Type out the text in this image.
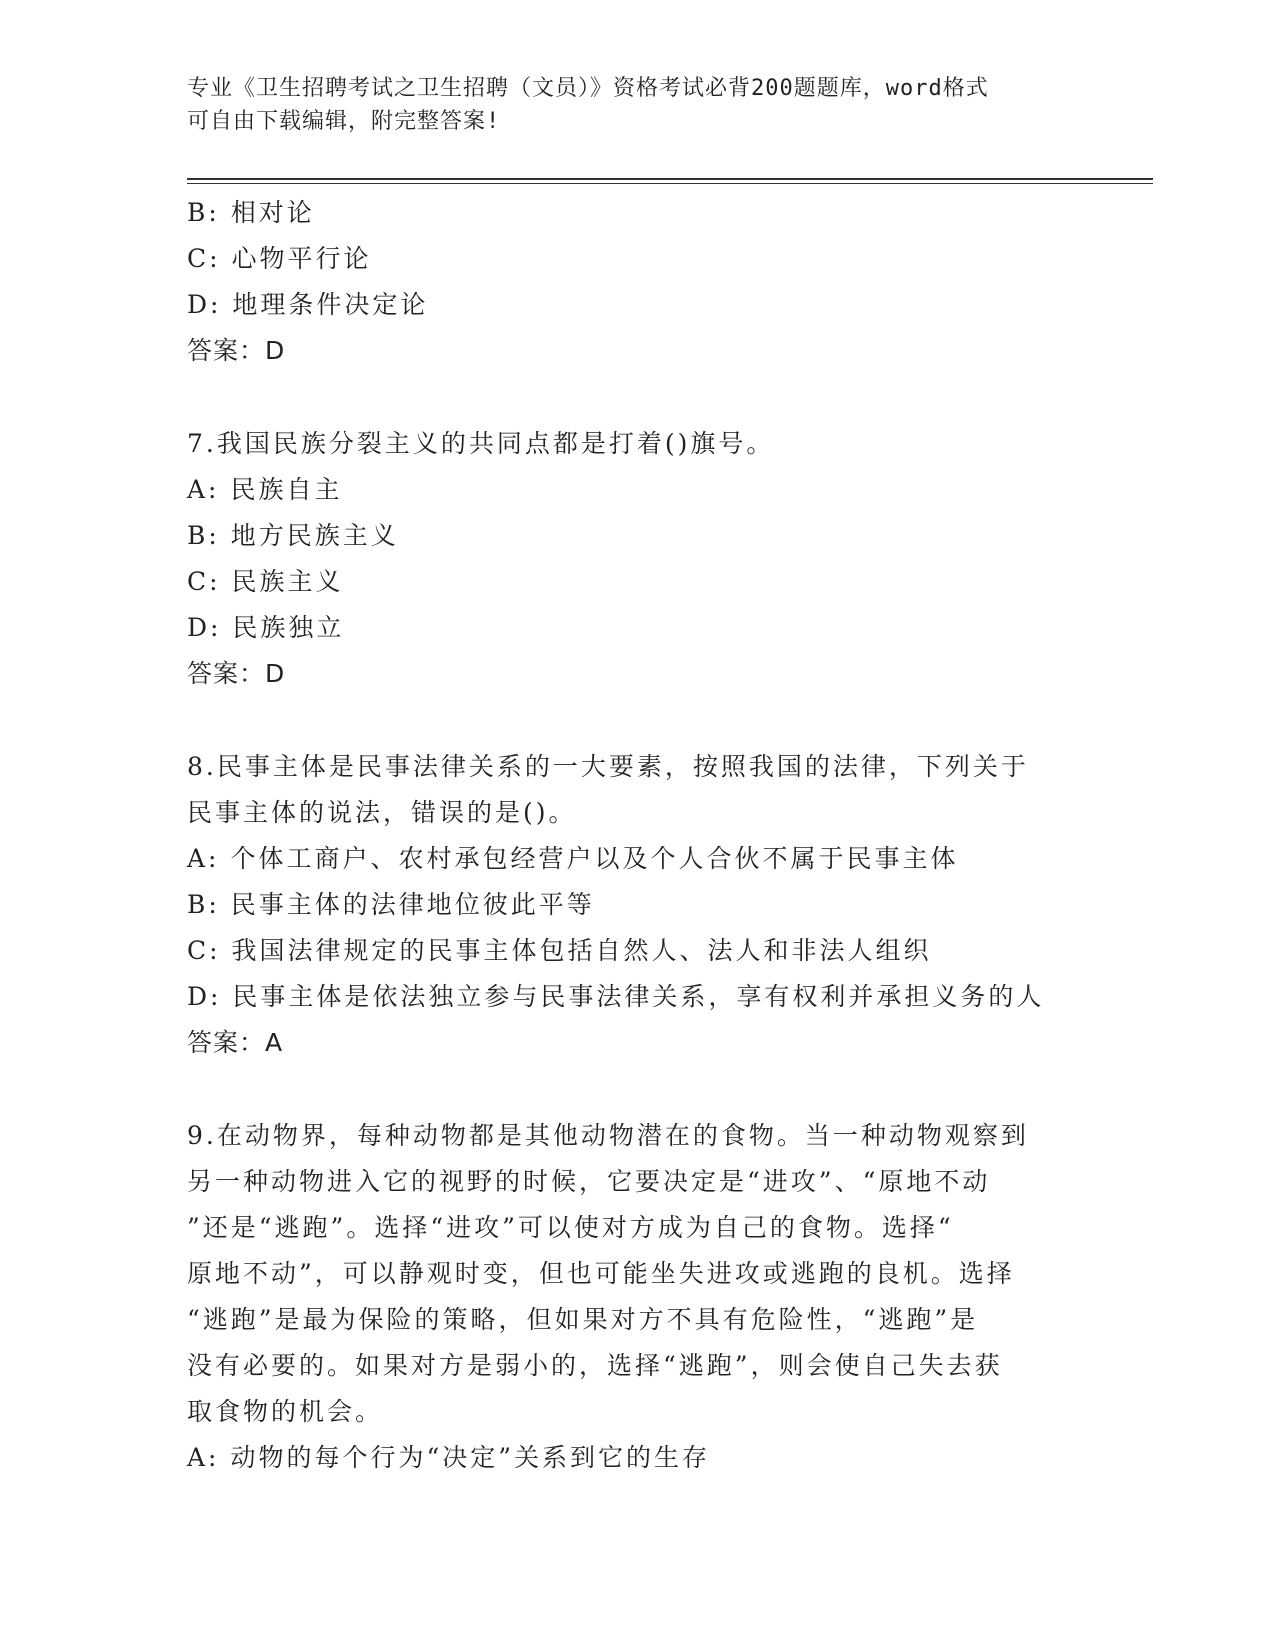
专业《卫生招聘考试之卫生招聘（文员）》资格考试必背200题题库，word格式
可自由下载编辑，附完整答案!
B: 相对论
C: 心物平行论
D: 地理条件决定论
答案：D
7.我国民族分裂主义的共同点都是打着()旗号。
A: 民族自主
B: 地方民族主义
C: 民族主义
D: 民族独立
答案：D
8.民事主体是民事法律关系的一大要素，按照我国的法律，下列关于
民事主体的说法，错误的是()。
A: 个体工商户、农村承包经营户以及个人合伙不属于民事主体
B: 民事主体的法律地位彼此平等
C: 我国法律规定的民事主体包括自然人、法人和非法人组织
D: 民事主体是依法独立参与民事法律关系，享有权利并承担义务的人
答案：A
9.在动物界，每种动物都是其他动物潜在的食物。当一种动物观察到
另一种动物进入它的视野的时候，它要决定是“进攻”、“原地不动
”还是“逃跑”。选择“进攻”可以使对方成为自己的食物。选择“
原地不动”，可以静观时变，但也可能坐失进攻或逃跑的良机。选择
“逃跑”是最为保险的策略，但如果对方不具有危险性，“逃跑”是
没有必要的。如果对方是弱小的，选择“逃跑”，则会使自己失去获
取食物的机会。
A: 动物的每个行为“决定”关系到它的生存
